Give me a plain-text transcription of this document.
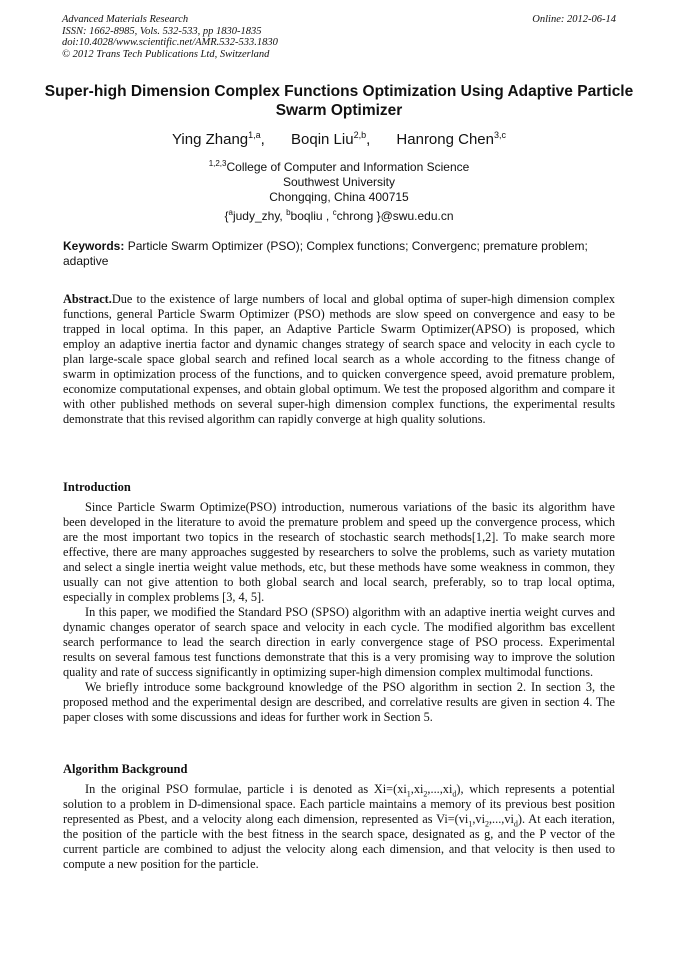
Advanced Materials Research
ISSN: 1662-8985, Vols. 532-533, pp 1830-1835
doi:10.4028/www.scientific.net/AMR.532-533.1830
© 2012 Trans Tech Publications Ltd, Switzerland
Online: 2012-06-14
Super-high Dimension Complex Functions Optimization Using Adaptive Particle Swarm Optimizer
Ying Zhang$^{1,a}$, Boqin Liu$^{2,b}$, Hanrong Chen$^{3,c}$
$^{1,2,3}$College of Computer and Information Science
Southwest University
Chongqing, China 400715
{$^a$judy_zhy, $^b$boqliu , $^c$chrong }@swu.edu.cn
Keywords: Particle Swarm Optimizer (PSO); Complex functions; Convergenc; premature problem; adaptive

Abstract.Due to the existence of large numbers of local and global optima of super-high dimension complex functions, general Particle Swarm Optimizer (PSO) methods are slow speed on convergence and easy to be trapped in local optima. In this paper, an Adaptive Particle Swarm Optimizer(APSO) is proposed, which employ an adaptive inertia factor and dynamic changes strategy of search space and velocity in each cycle to plan large-scale space global search and refined local search as a whole according to the fitness change of swarm in optimization process of the functions, and to quicken convergence speed, avoid premature problem, economize computational expenses, and obtain global optimum. We test the proposed algorithm and compare it with other published methods on several super-high dimension complex functions, the experimental results demonstrate that this revised algorithm can rapidly converge at high quality solutions.

Introduction

Since Particle Swarm Optimize(PSO) introduction, numerous variations of the basic its algorithm have been developed in the literature to avoid the premature problem and speed up the convergence process, which are the most important two topics in the research of stochastic search methods[1,2]. To make search more effective, there are many approaches suggested by researchers to solve the problems, such as variety mutation and select a single inertia weight value methods, etc, but these methods have some weakness in common, they usually can not give attention to both global search and local search, preferably, so to trap local optima, especially in complex problems [3, 4, 5].

In this paper, we modified the Standard PSO (SPSO) algorithm with an adaptive inertia weight curves and dynamic changes operator of search space and velocity in each cycle. The modified algorithm bas excellent search performance to lead the search direction in early convergence stage of PSO process. Experimental results on several famous test functions demonstrate that this is a very promising way to improve the solution quality and rate of success significantly in optimizing super-high dimension complex multimodal functions.

We briefly introduce some background knowledge of the PSO algorithm in section 2. In section 3, the proposed method and the experimental design are described, and correlative results are given in section 4. The paper closes with some discussions and ideas for further work in Section 5.

Algorithm Background

In the original PSO formulae, particle i is denoted as $Xi=(xi_1,xi_2,...,xi_d)$, which represents a potential solution to a problem in D-dimensional space. Each particle maintains a memory of its previous best position represented as Pbest, and a velocity along each dimension, represented as $Vi=(vi_1,vi_2,...,vi_d)$. At each iteration, the position of the particle with the best fitness in the search space, designated as g, and the P vector of the current particle are combined to adjust the velocity along each dimension, and that velocity is then used to compute a new position for the particle.
